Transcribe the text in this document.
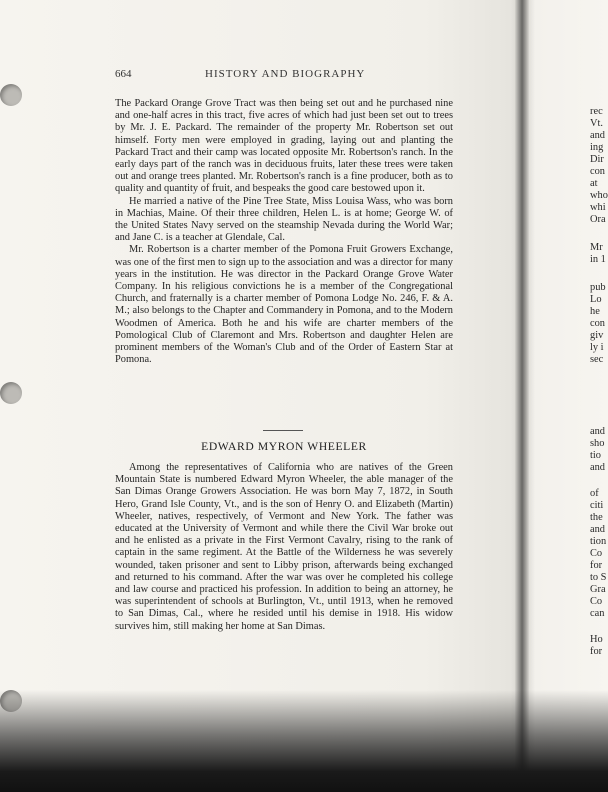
664	HISTORY AND BIOGRAPHY

The Packard Orange Grove Tract was then being set out and he purchased nine and one-half acres in this tract, five acres of which had just been set out to trees by Mr. J. E. Packard. The remainder of the property Mr. Robertson set out himself. Forty men were employed in grading, laying out and planting the Packard Tract and their camp was located opposite Mr. Robertson's ranch. In the early days part of the ranch was in deciduous fruits, later these trees were taken out and orange trees planted. Mr. Robertson's ranch is a fine producer, both as to quality and quantity of fruit, and bespeaks the good care bestowed upon it.

He married a native of the Pine Tree State, Miss Louisa Wass, who was born in Machias, Maine. Of their three children, Helen L. is at home; George W. of the United States Navy served on the steamship Nevada during the World War; and Jane C. is a teacher at Glendale, Cal.

Mr. Robertson is a charter member of the Pomona Fruit Growers Exchange, was one of the first men to sign up to the association and was a director for many years in the institution. He was director in the Packard Orange Grove Water Company. In his religious convictions he is a member of the Congregational Church, and fraternally is a charter member of Pomona Lodge No. 246, F. & A. M.; also belongs to the Chapter and Commandery in Pomona, and to the Modern Woodmen of America. Both he and his wife are charter members of the Pomological Club of Claremont and Mrs. Robertson and daughter Helen are prominent members of the Woman's Club and of the Order of Eastern Star at Pomona.

EDWARD MYRON WHEELER

Among the representatives of California who are natives of the Green Mountain State is numbered Edward Myron Wheeler, the able manager of the San Dimas Orange Growers Association. He was born May 7, 1872, in South Hero, Grand Isle County, Vt., and is the son of Henry O. and Elizabeth (Martin) Wheeler, natives, respectively, of Vermont and New York. The father was educated at the University of Vermont and while there the Civil War broke out and he enlisted as a private in the First Vermont Cavalry, rising to the rank of captain in the same regiment. At the Battle of the Wilderness he was severely wounded, taken prisoner and sent to Libby prison, afterwards being exchanged and returned to his command. After the war was over he completed his college and law course and practiced his profession. In addition to being an attorney, he was superintendent of schools at Burlington, Vt., until 1913, when he removed to San Dimas, Cal., where he resided until his demise in 1918. His widow survives him, still making her home at San Dimas.

rec
Vt.
and
ing
Dir
con
at
who
whi
Ora
Mr
in 1
pub
Lo
he
con
giv
ly i
sec
and
sho
tio
and
of
citi
the
and
tion
Co
for
to S
Gra
Co
can
Ho
for
